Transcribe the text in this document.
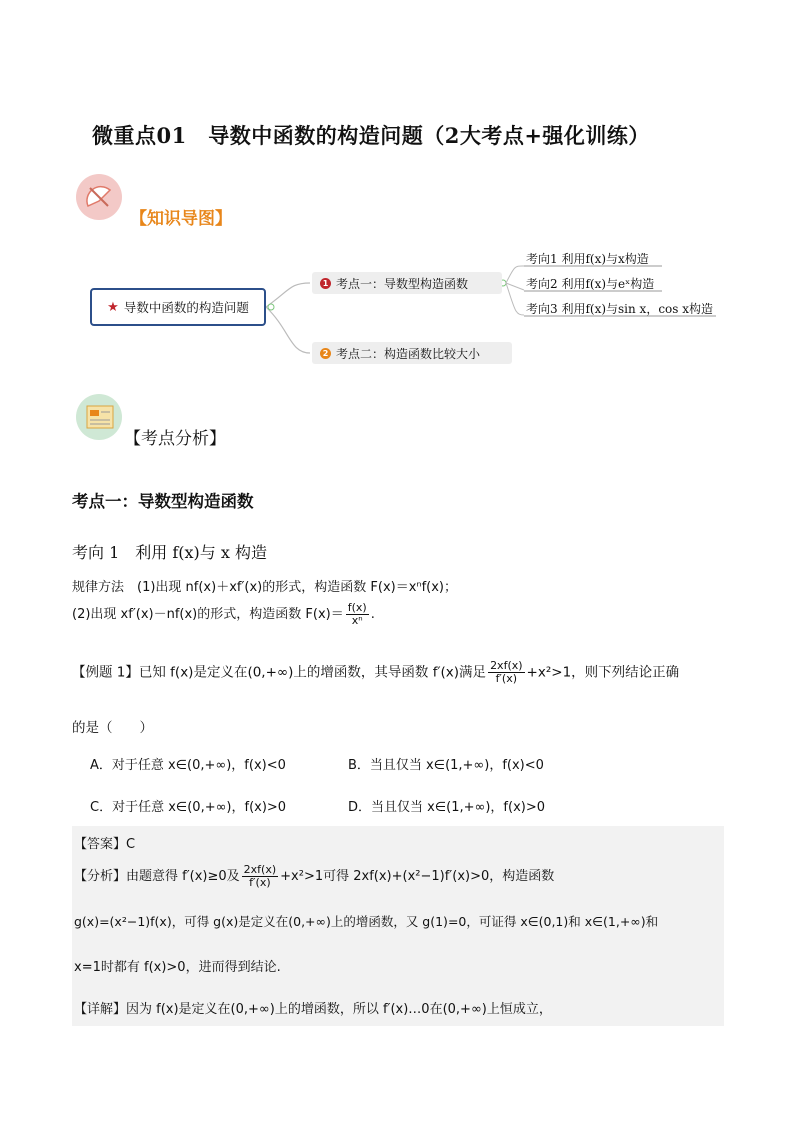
微重点01　导数中函数的构造问题（2大考点+强化训练）
【知识导图】
★ 导数中函数的构造问题
1 考点一：导数型构造函数
2 考点二：构造函数比较大小
考向1 利用f(x)与x构造
考向2 利用f(x)与eˣ构造
考向3 利用f(x)与sin x，cos x构造
【考点分析】
考点一：导数型构造函数
考向 1　利用 f(x)与 x 构造
规律方法　(1)出现 nf(x)＋xf′(x)的形式，构造函数 F(x)＝xⁿf(x)；
(2)出现 xf′(x)－nf(x)的形式，构造函数 $F(x)= \frac{f(x)}{\text{xⁿ}}$ .
【例题 1】已知 f(x)是定义在(0,+∞)上的增函数，其导函数 f′(x)满足 $\frac{2xf(x)}{f'(x)} +x^2>1$，则下列结论正确
的是（　　）
A．对于任意 x∈(0,+∞)，f(x)<0	B．当且仅当 x∈(1,+∞)，f(x)<0
C．对于任意 x∈(0,+∞)，f(x)>0	D．当且仅当 x∈(1,+∞)，f(x)>0
【答案】C
【分析】由题意得 f′(x)≥0及 $\frac{2xf(x)}{f'(x)} +x^2>1$可得 2xf(x)+(x²−1)f′(x)>0，构造函数
g(x)=(x²−1)f(x)，可得 g(x)是定义在(0,+∞)上的增函数，又 g(1)=0，可证得 x∈(0,1)和 x∈(1,+∞)和
x=1时都有 f(x)>0，进而得到结论.
【详解】因为 f(x)是定义在(0,+∞)上的增函数，所以 f′(x)…0在(0,+∞)上恒成立，
